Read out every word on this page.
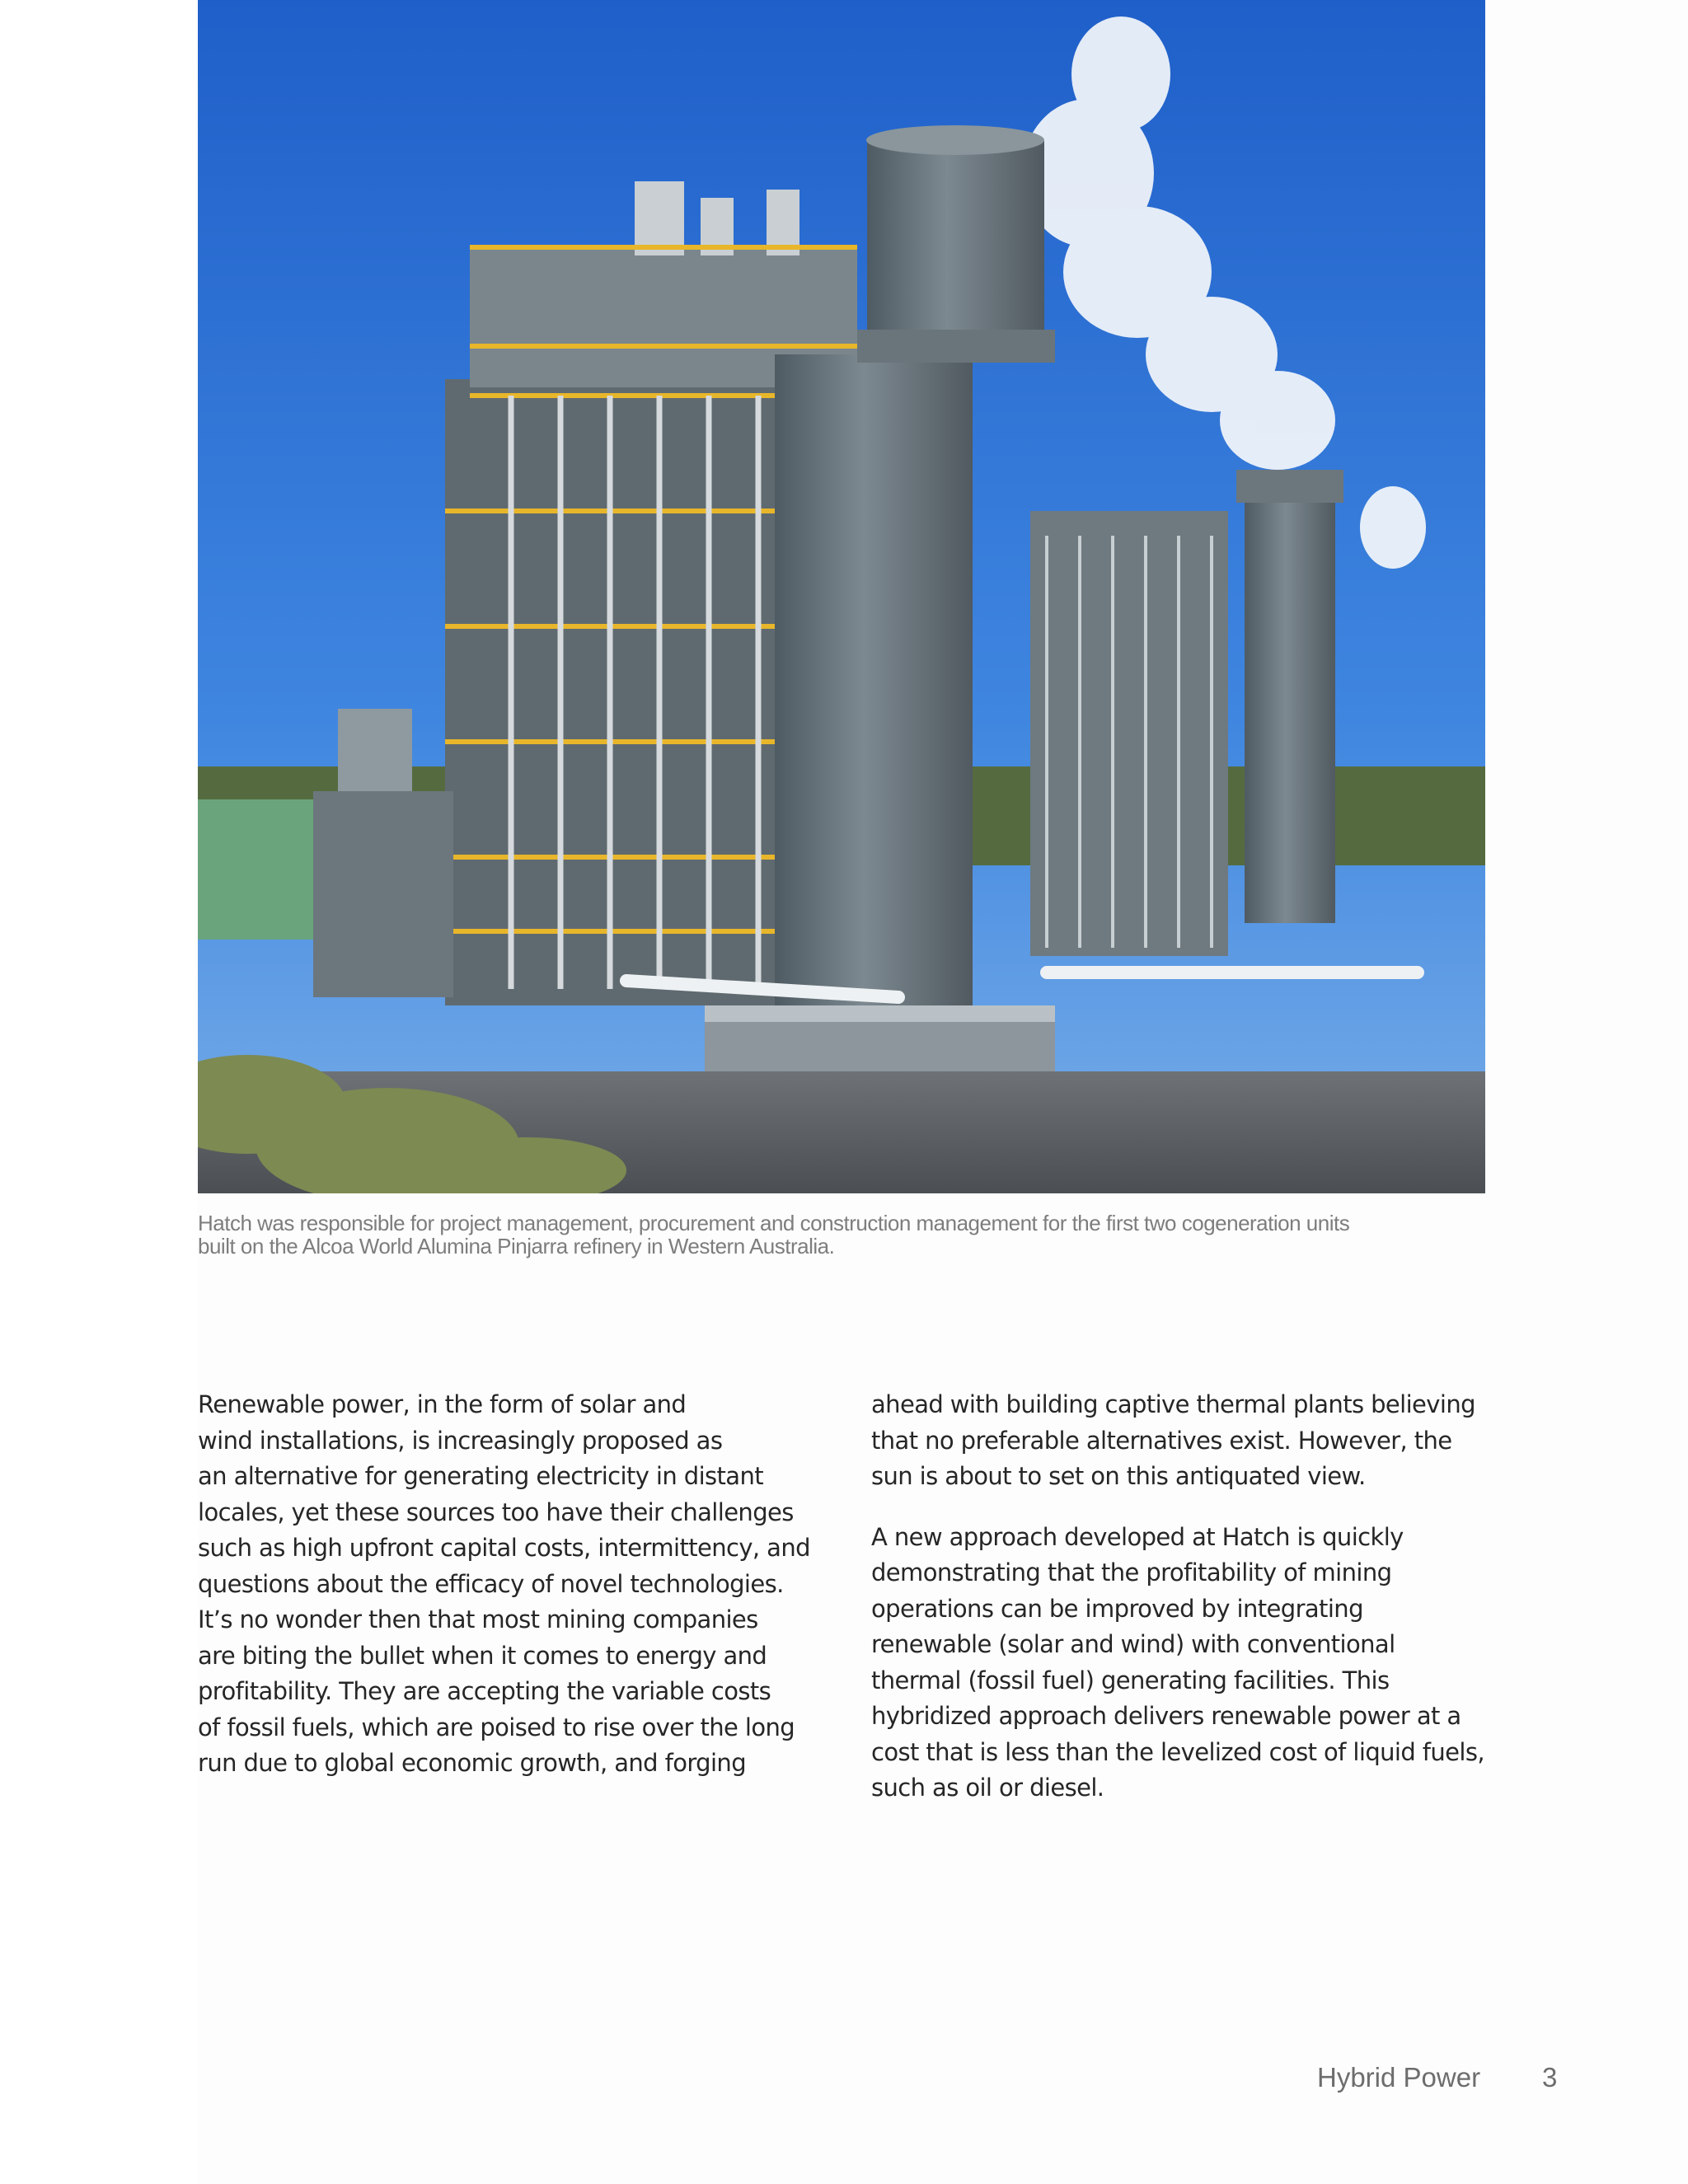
Hatch was responsible for project management, procurement and construction management for the first two cogeneration units
built on the Alcoa World Alumina Pinjarra refinery in Western Australia.
Renewable power, in the form of solar and
wind installations, is increasingly proposed as
an alternative for generating electricity in distant
locales, yet these sources too have their challenges
such as high upfront capital costs, intermittency, and
questions about the efficacy of novel technologies.
It’s no wonder then that most mining companies
are biting the bullet when it comes to energy and
profitability. They are accepting the variable costs
of fossil fuels, which are poised to rise over the long
run due to global economic growth, and forging
ahead with building captive thermal plants believing
that no preferable alternatives exist. However, the
sun is about to set on this antiquated view.
A new approach developed at Hatch is quickly
demonstrating that the profitability of mining
operations can be improved by integrating
renewable (solar and wind) with conventional
thermal (fossil fuel) generating facilities. This
hybridized approach delivers renewable power at a
cost that is less than the levelized cost of liquid fuels,
such as oil or diesel.
Hybrid Power 3
